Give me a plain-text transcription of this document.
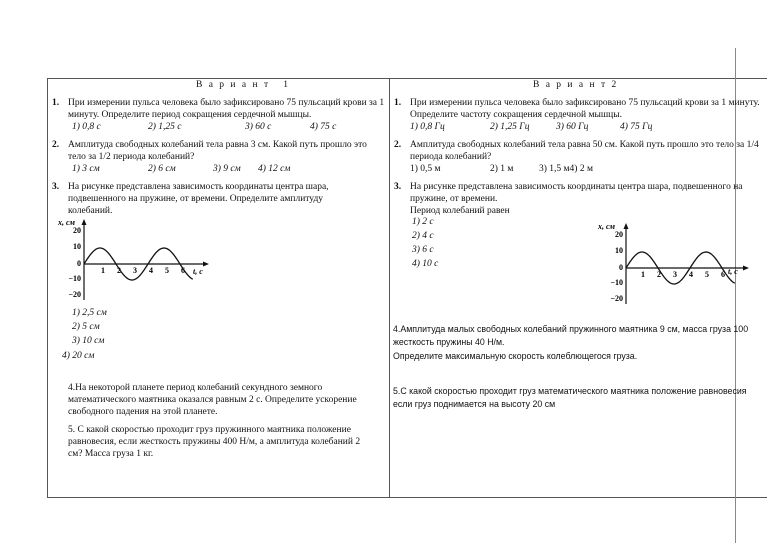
В а р и а н т   1
1. При измерении пульса человека было зафиксировано 75 пульсаций крови за 1 минуту. Определите период сокращения сердечной мышцы.
1) 0,8 с	2) 1,25 с	3) 60 с	4) 75 с
2. Амплитуда свободных колебаний тела равна 3 см. Какой путь прошло это тело за 1/2 периода колебаний?
1) 3 см	2) 6 см	3) 9 см 4) 12 см
3. На рисунке представлена зависимость координаты центра шара, подвешенного на пружине, от времени. Определите амплитуду колебаний.
x, см
t, с
20
10
0
−10
−20
1 2 3 4 5 6
1) 2,5 см
2) 5 см
3) 10 см
4) 20 см
4.На некоторой планете период колебаний секундного земного математического маятника оказался равным 2 с. Определите ускорение свободного падения на этой планете.
5. С какой скоростью проходит груз пружинного маятника положение равновесия, если жесткость пружины 400 Н/м, а амплитуда колебаний 2 см? Масса груза 1 кг.
В а р и а н т 2
1. При измерении пульса человека было зафиксировано 75 пульсаций крови за 1 минуту. Определите частоту сокращения сердечной мышцы.
1) 0,8 Гц	2) 1,25 Гц	3) 60 Гц	4) 75 Гц
2. Амплитуда свободных колебаний тела равна 50 см. Какой путь прошло это тело за 1/4 периода колебаний?
1) 0,5 м	2) 1 м	3) 1,5 м4) 2 м
3. На рисунке представлена зависимость координаты центра шара, подвешенного на пружине, от времени.
Период колебаний равен
1) 2 с
2) 4 с
3) 6 с
4) 10 с
x, см
t, с
20
10
0
−10
−20
1 2 3 4 5 6
4.Амплитуда малых свободных колебаний пружинного маятника 9 см, масса груза 100 жесткость пружины 40 Н/м.
Определите максимальную скорость колеблющегося груза.
5.С какой скоростью проходит груз математического маятника положение равновесия если груз поднимается на высоту 20 см
